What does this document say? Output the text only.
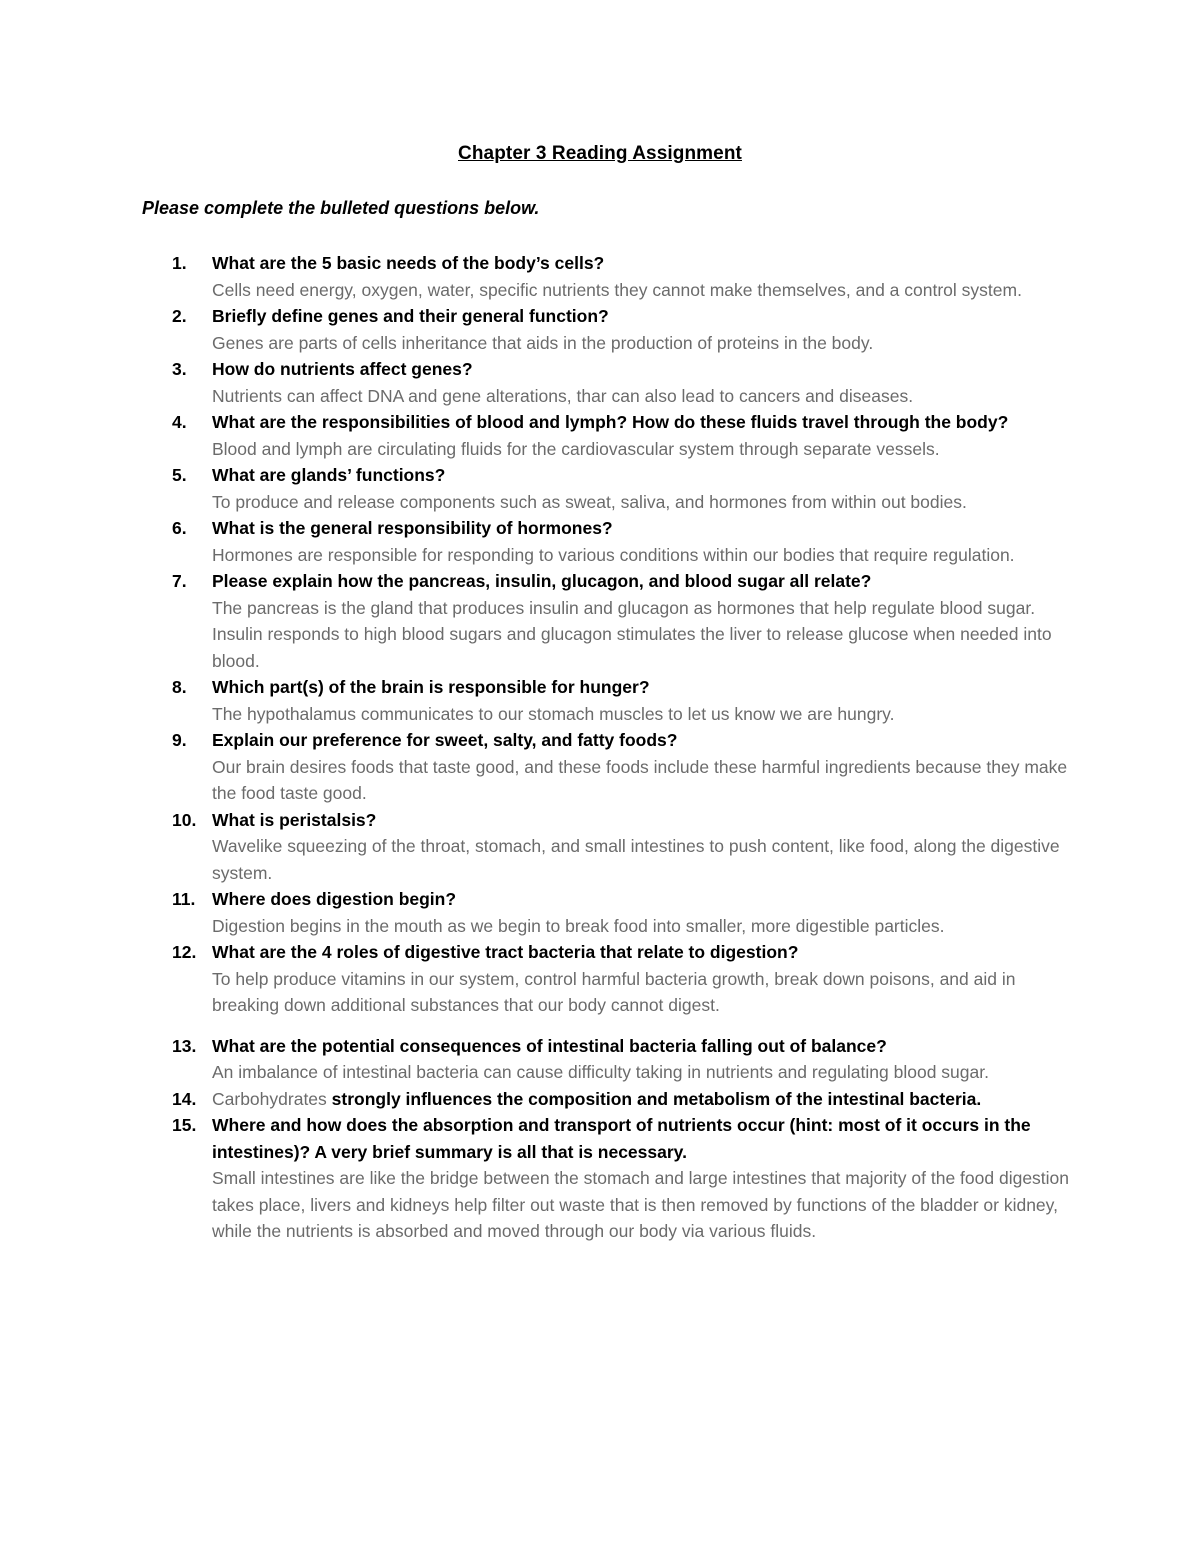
Chapter 3 Reading Assignment
Please complete the bulleted questions below.
1. What are the 5 basic needs of the body’s cells?
Cells need energy, oxygen, water, specific nutrients they cannot make themselves, and a control system.
2. Briefly define genes and their general function?
Genes are parts of cells inheritance that aids in the production of proteins in the body.
3. How do nutrients affect genes?
Nutrients can affect DNA and gene alterations, thar can also lead to cancers and diseases.
4. What are the responsibilities of blood and lymph? How do these fluids travel through the body?
Blood and lymph are circulating fluids for the cardiovascular system through separate vessels.
5. What are glands’ functions?
To produce and release components such as sweat, saliva, and hormones from within out bodies.
6. What is the general responsibility of hormones?
Hormones are responsible for responding to various conditions within our bodies that require regulation.
7. Please explain how the pancreas, insulin, glucagon, and blood sugar all relate?
The pancreas is the gland that produces insulin and glucagon as hormones that help regulate blood sugar. Insulin responds to high blood sugars and glucagon stimulates the liver to release glucose when needed into blood.
8. Which part(s) of the brain is responsible for hunger?
The hypothalamus communicates to our stomach muscles to let us know we are hungry.
9. Explain our preference for sweet, salty, and fatty foods?
Our brain desires foods that taste good, and these foods include these harmful ingredients because they make the food taste good.
10. What is peristalsis?
Wavelike squeezing of the throat, stomach, and small intestines to push content, like food, along the digestive system.
11. Where does digestion begin?
Digestion begins in the mouth as we begin to break food into smaller, more digestible particles.
12. What are the 4 roles of digestive tract bacteria that relate to digestion?
To help produce vitamins in our system, control harmful bacteria growth, break down poisons, and aid in breaking down additional substances that our body cannot digest.
13. What are the potential consequences of intestinal bacteria falling out of balance?
An imbalance of intestinal bacteria can cause difficulty taking in nutrients and regulating blood sugar.
14. Carbohydrates strongly influences the composition and metabolism of the intestinal bacteria.
15. Where and how does the absorption and transport of nutrients occur (hint: most of it occurs in the intestines)? A very brief summary is all that is necessary.
Small intestines are like the bridge between the stomach and large intestines that majority of the food digestion takes place, livers and kidneys help filter out waste that is then removed by functions of the bladder or kidney, while the nutrients is absorbed and moved through our body via various fluids.
